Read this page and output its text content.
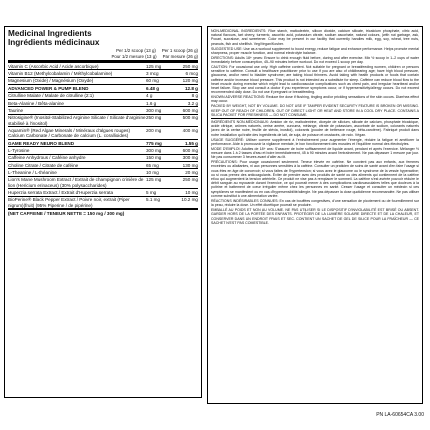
Medicinal Ingredients
Ingrédients médicinaux
Per 1/2 scoop (13 g) Per 1 scoop (26 g)
Pour 1/2 mesure (13 g) Par mesure (26 g)
Vitamin C (Ascorbic Acid / Acide ascorbique)	125 mg	250 mg
Vitamin B12 (Methylcobalamin / Méthylcobalamine)	3 mcg	6 mcg
Magnesium (Oxide) / Magnésium (Oxyde)	60 mg	120 mg
ADVANCED POWER & PUMP BLEND	6.48 g	12.8 g
Citrulline Malate / Malate de citrulline (2:1)	4 g	8 g
Beta-Alanine / Bêta-alanine	1.6 g	3.2 g
Taurine	300 mg	600 mg
Nitrosigine® (Inositol-Stabilized Arginine Silicate / Silicate d'arginine stabilisé à l'inositol)
250 mg	500 mg
Aquamin® (Red Algae Minerals / Minéraux d'algues rouges) Calcium Carbonate / Carbonate de calcium (L. corallioides)
200 mg	400 mg
GAME READY NEURO BLEND	775 mg	1.55 g
L-Tyrosine	300 mg	600 mg
Caffeine Anhydrous / Caféine anhydre	150 mg	300 mg
Choline Citrate / Citrate de caféine	65 mg	130 mg
L-Theanine / L-théanine	10 mg	20 mg
Lion's Mane Mushroom Extract / Extrait de champignon crinière de lion (Hericium erinaceus) (30% polysaccharides)
125 mg	250 mg
Huperzia serrata Extract / Extrait d'Huperzia serrata	5 mg	10 mg
BioPerine® Black Pepper Extract / Poivre noir, extrait (Piper nigrum)(fruit) (95% Piperine / de pipérine)
5.1 mg	10.2 mg
(NET CAFFEINE / TENEUR NETTE = 150 mg / 300 mg)
NON-MEDICINAL INGREDIENTS: Rice starch, maltodextrin, silicon dioxide, calcium silicate, tricalcium phosphate, citric acid, natural flavours, tart cherry, turmeric, ascorbic acid, potassium citrate, sodium ascorbate, natural colours, (with nut garbage, ask, Pocari, sucralose, and sweetener. Color may be present in our facility that currently handles milk, egg, soy, wheat, tree nuts, peanuts, fish and shellfish. Veg/Vegan/Kosher.
SUGGESTED USE: Use as a workout supplement to boost energy, reduce fatigue and enhance performance. Helps promote mental sharpness, proper muscle function, and normal electrolyte balance.
DIRECTIONS: Adults 18+ years: Ensure to drink enough fluid before, during and after exercise. Mix ½ scoop in 1–2 cups of water immediately before consumption, 45–90 minutes before workout. Do not exceed 1 scoop per day.
CAUTION: For occasional use only. High caffeine content. Not suitable for pregnant or breastfeeding women, children or persons sensitive to caffeine. Consult a healthcare practitioner prior to use if you are also of childbearing age; have high blood pressure, glaucoma, and/or need to bladder syndrome; are taking blood thinners. Avoid taking with health products or foods that contain caffeine and/or increase blood pressure. This product is not intended as a substitute for sleep. Caffeine can reduce blood flow to the heart muscle during exercise which might lead to cardiovascular complications such as chest pain, and irregular heartbeat and/or heart failure. Stop use and consult a doctor if you experience symptoms occur, or if hypersensitivity/allergy occurs. Do not exceed recommended daily dose. Do not use if pregnant or breastfeeding.
KNOWN ADVERSE REACTIONS: Reduce the dose if flushing, tingling and/or prickling sensations of the skin occurs. Diarrhea effect may occur.
PACKED BY WEIGHT, NOT BY VOLUME. DO NOT USE IF TAMPER EVIDENT SECURITY FEATURE IS BROKEN OR MISSING. KEEP OUT OF REACH OF CHILDREN. OUT OF DIRECT LIGHT OR HEAT AND STORE IN A COOL DRY PLACE. CONTAINS A SILICA PACKET FOR FRESHNESS — DO NOT CONSUME.
INGRÉDIENTS NON-MÉDICINAUX: Amidon de riz, maltodextrine, dioxyde de silicium, silicate de calcium, phosphate tricalcique, acide citrique, arômes naturels, cerise amère, curcuma, mélange, citrate de potassium, ascorbate de sodium, colorants naturels (avec de la cerise noire, feuille de stévia, inositol), colorants (poudre de betterave rouge, bêta-carotène). Fabriqué produit dans notre installation qui traite des ingrédients de lait, de soja, de poisson et crustacés, de noix. Végan.
USAGE SUGGÉRÉ: Utiliser comme supplément à l'entraînement pour augmenter l'énergie, réduire la fatigue et améliorer la performance. Aide à promouvoir la vigilance mentale, le bon fonctionnement des muscles et l'équilibre normal des électrolytes.
MODE D'EMPLOI: Adultes de 18+ ans: S'assurer de boire suffisamment de liquide avant, pendant et après l'exercice. Mélanger ½ mesure dans 1 à 2 tasses d'eau et boire immédiatement, 45 à 90 minutes avant l'entraînement. Ne pas dépasser 1 mesure par jour. Ne pas consommer 3 heures avant d'aller au lit.
PRÉCAUTIONS: Pour usage occasionnel seulement. Teneur élevée en caféine. Ne convient pas aux enfants, aux femmes enceintes ou allaitantes, ni aux personnes sensibles à la caféine. Consulter un praticien de soins de santé avant d'en faire l'usage si vous êtes en âge de concevoir; si vous faites de l'hypertension; si vous avez le glaucome ou le syndrome de la vessie hyperactive; ou si vous prenez des anticoagulants. Éviter de prendre avec des produits de santé ou des aliments qui contiennent de la caféine et/ou qui augmentent la tension artérielle. Ce produit ne vise pas à remplacer le sommeil. La caféine s'est avérée pouvoir réduire le débit sanguin au myocarde durant l'exercice, ce qui pourrait mener à des complications cardiovasculaires telles que douleurs à la poitrine et battement de cœur irrégulier même chez les personnes en santé. Cesser l'usage et consulter un médecin si ces symptômes se manifestent ou en cas d'hypersensibilité/allergie. Ne pas dépasser la dose quotidienne recommandée. Ne pas utiliser comme substitut à une alimentation variée.
RÉACTIONS INDÉSIRABLES CONNUES: En cas de bouffées congestives, d'une sensation de picotement ou de fourmillement sur la peau, réduire la dose. Un effet diurétique pourrait se produire.
EMBALLÉ AU POIDS ET NON AU VOLUME. NE PAS UTILISER SI LE DISPOSITIF D'INVIOLABILITÉ EST BRISÉ OU ABSENT. GARDER HORS DE LA PORTÉE DES ENFANTS. PROTÉGER DE LA LUMIÈRE SOLAIRE DIRECTE ET DE LA CHALEUR, ET CONSERVER DANS UN ENDROIT FRAIS ET SEC. CONTIENT UN SACHET DE GEL DE SILICE POUR LA FRAÎCHEUR — CE SACHET N'EST PAS COMESTIBLE.
PN LA-60654CA 3.00
